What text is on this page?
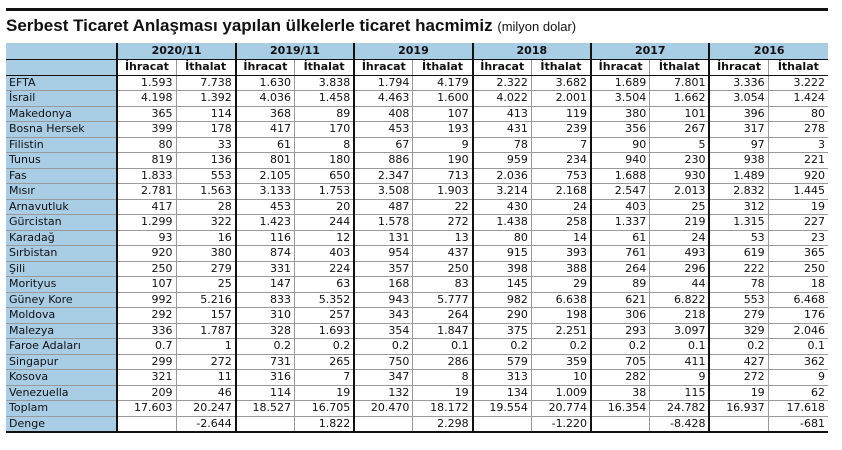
Serbest Ticaret Anlaşması yapılan ülkelerle ticaret hacmimiz (milyon dolar)
	2020/11		2019/11		2019		2018		2017		2016	
	İhracat	İthalat	İhracat	İthalat	İhracat	İthalat	İhracat	İthalat	İhracat	İthalat	İhracat	İthalat
EFTA	1.593	7.738	1.630	3.838	1.794	4.179	2.322	3.682	1.689	7.801	3.336	3.222
İsrail	4.198	1.392	4.036	1.458	4.463	1.600	4.022	2.001	3.504	1.662	3.054	1.424
Makedonya	365	114	368	89	408	107	413	119	380	101	396	80
Bosna Hersek	399	178	417	170	453	193	431	239	356	267	317	278
Filistin	80	33	61	8	67	9	78	7	90	5	97	3
Tunus	819	136	801	180	886	190	959	234	940	230	938	221
Fas	1.833	553	2.105	650	2.347	713	2.036	753	1.688	930	1.489	920
Mısır	2.781	1.563	3.133	1.753	3.508	1.903	3.214	2.168	2.547	2.013	2.832	1.445
Arnavutluk	417	28	453	20	487	22	430	24	403	25	312	19
Gürcistan	1.299	322	1.423	244	1.578	272	1.438	258	1.337	219	1.315	227
Karadağ	93	16	116	12	131	13	80	14	61	24	53	23
Sırbistan	920	380	874	403	954	437	915	393	761	493	619	365
Şili	250	279	331	224	357	250	398	388	264	296	222	250
Morityus	107	25	147	63	168	83	145	29	89	44	78	18
Güney Kore	992	5.216	833	5.352	943	5.777	982	6.638	621	6.822	553	6.468
Moldova	292	157	310	257	343	264	290	198	306	218	279	176
Malezya	336	1.787	328	1.693	354	1.847	375	2.251	293	3.097	329	2.046
Faroe Adaları	0.7	1	0.2	0.2	0.2	0.1	0.2	0.2	0.2	0.1	0.2	0.1
Singapur	299	272	731	265	750	286	579	359	705	411	427	362
Kosova	321	11	316	7	347	8	313	10	282	9	272	9
Venezuella	209	46	114	19	132	19	134	1.009	38	115	19	62
Toplam	17.603	20.247	18.527	16.705	20.470	18.172	19.554	20.774	16.354	24.782	16.937	17.618
Denge		-2.644		1.822		2.298		-1.220		-8.428		-681
